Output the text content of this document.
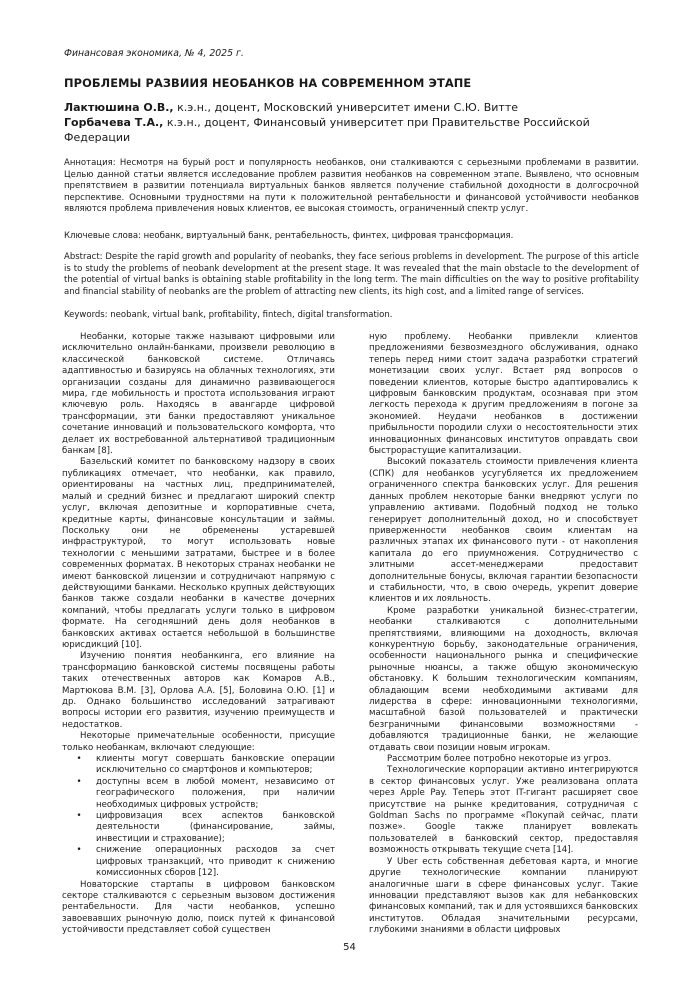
Финансовая экономика, № 4, 2025 г.
ПРОБЛЕМЫ РАЗВИИЯ НЕОБАНКОВ НА СОВРЕМЕННОМ ЭТАПЕ
Лактюшина О.В., к.э.н., доцент, Московский университет имени С.Ю. Витте
Горбачева Т.А., к.э.н., доцент, Финансовый университет при Правительстве Российской Федерации
Аннотация: Несмотря на бурый рост и популярность необанков, они сталкиваются с серьезными проблемами в развитии. Целью данной статьи является исследование проблем развития необанков на современном этапе. Выявлено, что основным препятствием в развитии потенциала виртуальных банков является получение стабильной доходности в долгосрочной перспективе. Основными трудностями на пути к положительной рентабельности и финансовой устойчивости необанков являются проблема привлечения новых клиентов, ее высокая стоимость, ограниченный спектр услуг.
Ключевые слова: необанк, виртуальный банк, рентабельность, финтех, цифровая трансформация.
Abstract: Despite the rapid growth and popularity of neobanks, they face serious problems in development. The purpose of this article is to study the problems of neobank development at the present stage. It was revealed that the main obstacle to the development of the potential of virtual banks is obtaining stable profitability in the long term. The main difficulties on the way to positive profitability and financial stability of neobanks are the problem of attracting new clients, its high cost, and a limited range of services.
Keywords: neobank, virtual bank, profitability, fintech, digital transformation.

Необанки, которые также называют цифровыми или исключительно онлайн-банками, произвели революцию в классической банковской системе. Отличаясь адаптивностью и базируясь на облачных технологиях, эти организации созданы для динамично развивающегося мира, где мобильность и простота использования играют ключевую роль. Находясь в авангарде цифровой трансформации, эти банки предоставляют уникальное сочетание инноваций и пользовательского комфорта, что делает их востребованной альтернативой традиционным банкам [8].

Базельский комитет по банковскому надзору в своих публикациях отмечает, что необанки, как правило, ориентированы на частных лиц, предпринимателей, малый и средний бизнес и предлагают широкий спектр услуг, включая депозитные и корпоративные счета, кредитные карты, финансовые консультации и займы. Поскольку они не обременены устаревшей инфраструктурой, то могут использовать новые технологии с меньшими затратами, быстрее и в более современных форматах. В некоторых странах необанки не имеют банковской лицензии и сотрудничают напрямую с действующими банками. Несколько крупных действующих банков также создали необанки в качестве дочерних компаний, чтобы предлагать услуги только в цифровом формате. На сегодняшний день доля необанков в банковских активах остается небольшой в большинстве юрисдикций [10].

Изучению понятия необанкинга, его влияние на трансформацию банковской системы посвящены работы таких отечественных авторов как Комаров А.В., Мартюкова В.М. [3], Орлова А.А. [5], Боловина О.Ю. [1] и др. Однако большинство исследований затрагивают вопросы истории его развития, изучению преимуществ и недостатков.

Некоторые примечательные особенности, присущие только необанкам, включают следующие:

•	клиенты могут совершать банковские операции исключительно со смартфонов и компьютеров;
•	доступны всем в любой момент, независимо от географического положения, при наличии необходимых цифровых устройств;
•	цифровизация всех аспектов банковской деятельности (финансирование, займы, инвестиции и страхование);
•	снижение операционных расходов за счет цифровых транзакций, что приводит к снижению комиссионных сборов [12].

Новаторские стартапы в цифровом банковском секторе сталкиваются с серьезным вызовом достижения рентабельности. Для части необанков, успешно завоевавших рыночную долю, поиск путей к финансовой устойчивости представляет собой существен

ную проблему. Необанки привлекли клиентов предложениями безвозмездного обслуживания, однако теперь перед ними стоит задача разработки стратегий монетизации своих услуг. Встает ряд вопросов о поведении клиентов, которые быстро адаптировались к цифровым банковским продуктам, осознавая при этом легкость перехода к другим предложениям в погоне за экономией. Неудачи необанков в достижении прибыльности породили слухи о несостоятельности этих инновационных финансовых институтов оправдать свои быстрорастущие капитализации.

Высокий показатель стоимости привлечения клиента (СПК) для необанков усугубляется их предложением ограниченного спектра банковских услуг. Для решения данных проблем некоторые банки внедряют услуги по управлению активами. Подобный подход не только генерирует дополнительный доход, но и способствует приверженности необанков своим клиентам на различных этапах их финансового пути - от накопления капитала до его приумножения. Сотрудничество с элитными ассет-менеджерами предоставит дополнительные бонусы, включая гарантии безопасности и стабильности, что, в свою очередь, укрепит доверие клиентов и их лояльность.

Кроме разработки уникальной бизнес-стратегии, необанки сталкиваются с дополнительными препятствиями, влияющими на доходность, включая конкурентную борьбу, законодательные ограничения, особенности национального рынка и специфические рыночные нюансы, а также общую экономическую обстановку. К большим технологическим компаниям, обладающим всеми необходимыми активами для лидерства в сфере: инновационными технологиями, масштабной базой пользователей и практически безграничными финансовыми возможностями - добавляются традиционные банки, не желающие отдавать свои позиции новым игрокам.

Рассмотрим более потробно некоторые из угроз.

Технологические корпорации активно интегрируются в сектор финансовых услуг. Уже реализована оплата через Apple Pay. Теперь этот IT-гигант расширяет свое присутствие на рынке кредитования, сотрудничая с Goldman Sachs по программе «Покупай сейчас, плати позже». Google также планирует вовлекать пользователей в банковский сектор, предоставляя возможность открывать текущие счета [14].

У Uber есть собственная дебетовая карта, и многие другие технологические компании планируют аналогичные шаги в сфере финансовых услуг. Такие инновации представляют вызов как для небанковских финансовых компаний, так и для устоявшихся банковских институтов. Обладая значительными ресурсами, глубокими знаниями в области цифровых

54
